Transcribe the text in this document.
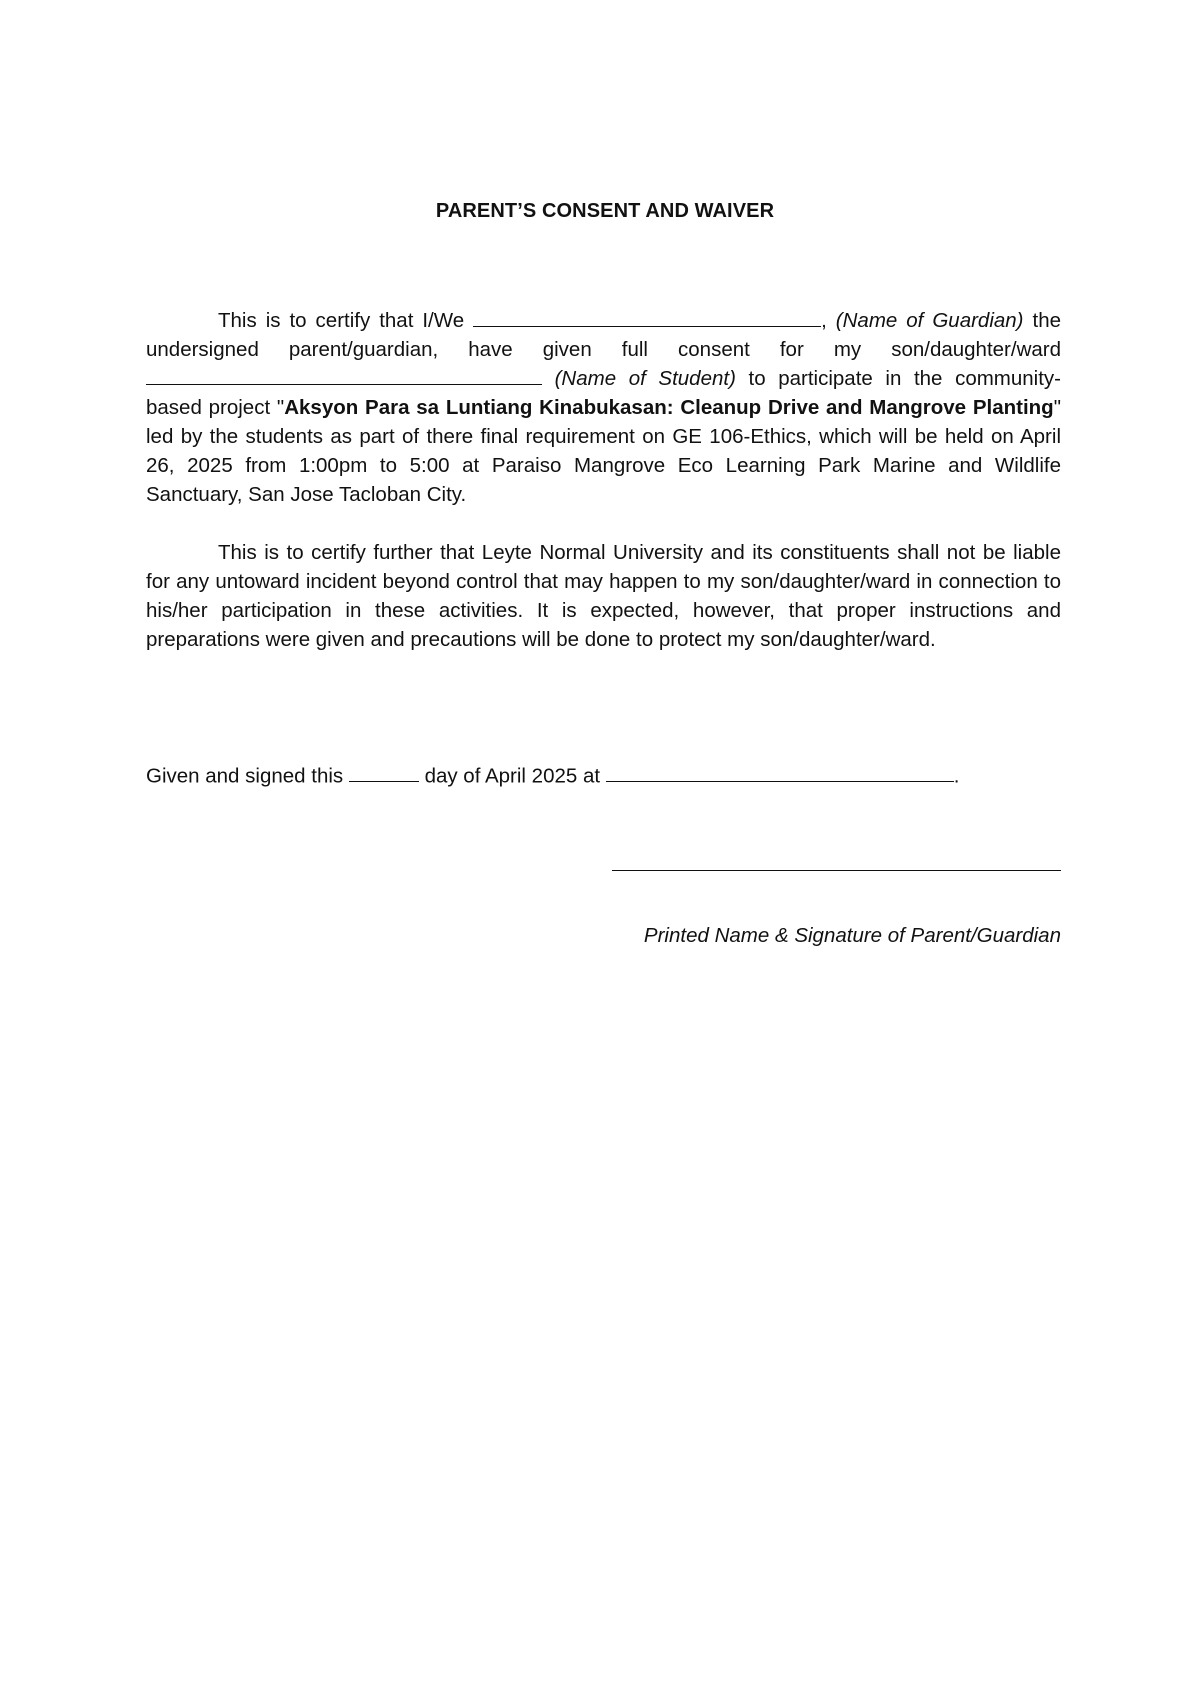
PARENT’S CONSENT AND WAIVER

This is to certify that I/We	, (Name of Guardian) the undersigned parent/guardian, have given full consent for my son/daughter/ward  (Name of Student) to participate in the community-based project "Aksyon Para sa Luntiang Kinabukasan: Cleanup Drive and Mangrove Planting" led by the students as part of there final requirement on GE 106-Ethics, which will be held on April 26, 2025 from 1:00pm to 5:00 at Paraiso Mangrove Eco Learning Park Marine and Wildlife Sanctuary, San Jose Tacloban City.

This is to certify further that Leyte Normal University and its constituents shall not be liable for any untoward incident beyond control that may happen to my son/daughter/ward in connection to his/her participation in these activities. It is expected, however, that proper instructions and preparations were given and precautions will be done to protect my son/daughter/ward.

Given and signed this	day of April 2025 at	.
Printed Name & Signature of Parent/Guardian
